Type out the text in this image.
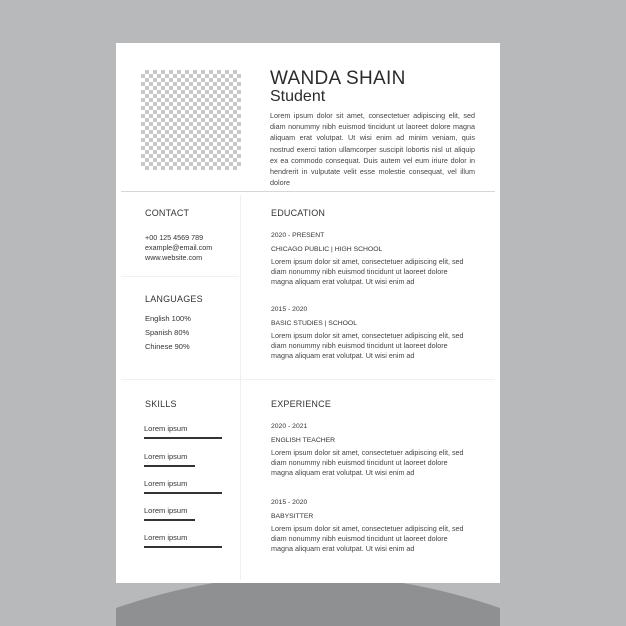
WANDA SHAIN
Student
Lorem ipsum dolor sit amet, consectetuer adipiscing elit, sed diam nonummy nibh euismod tincidunt ut laoreet dolore magna aliquam erat volutpat. Ut wisi enim ad minim veniam, quis nostrud exerci tation ullamcorper suscipit lobortis nisl ut aliquip ex ea commodo consequat. Duis autem vel eum iriure dolor in hendrerit in vulputate velit esse molestie consequat, vel illum dolore
CONTACT
+00 125 4569 789
example@email.com
www.website.com
LANGUAGES
English 100%
Spanish 80%
Chinese 90%
SKILLS
Lorem ipsum
Lorem ipsum
Lorem ipsum
Lorem ipsum
Lorem ipsum
EDUCATION
2020 - PRESENT
CHICAGO PUBLIC | HIGH SCHOOL
Lorem ipsum dolor sit amet, consectetuer adipiscing elit, sed diam nonummy nibh euismod tincidunt ut laoreet dolore magna aliquam erat volutpat. Ut wisi enim ad
2015 - 2020
BASIC STUDIES | SCHOOL
Lorem ipsum dolor sit amet, consectetuer adipiscing elit, sed diam nonummy nibh euismod tincidunt ut laoreet dolore magna aliquam erat volutpat. Ut wisi enim ad
EXPERIENCE
2020 - 2021
ENGLISH TEACHER
Lorem ipsum dolor sit amet, consectetuer adipiscing elit, sed diam nonummy nibh euismod tincidunt ut laoreet dolore magna aliquam erat volutpat. Ut wisi enim ad
2015 - 2020
BABYSITTER
Lorem ipsum dolor sit amet, consectetuer adipiscing elit, sed diam nonummy nibh euismod tincidunt ut laoreet dolore magna aliquam erat volutpat. Ut wisi enim ad
